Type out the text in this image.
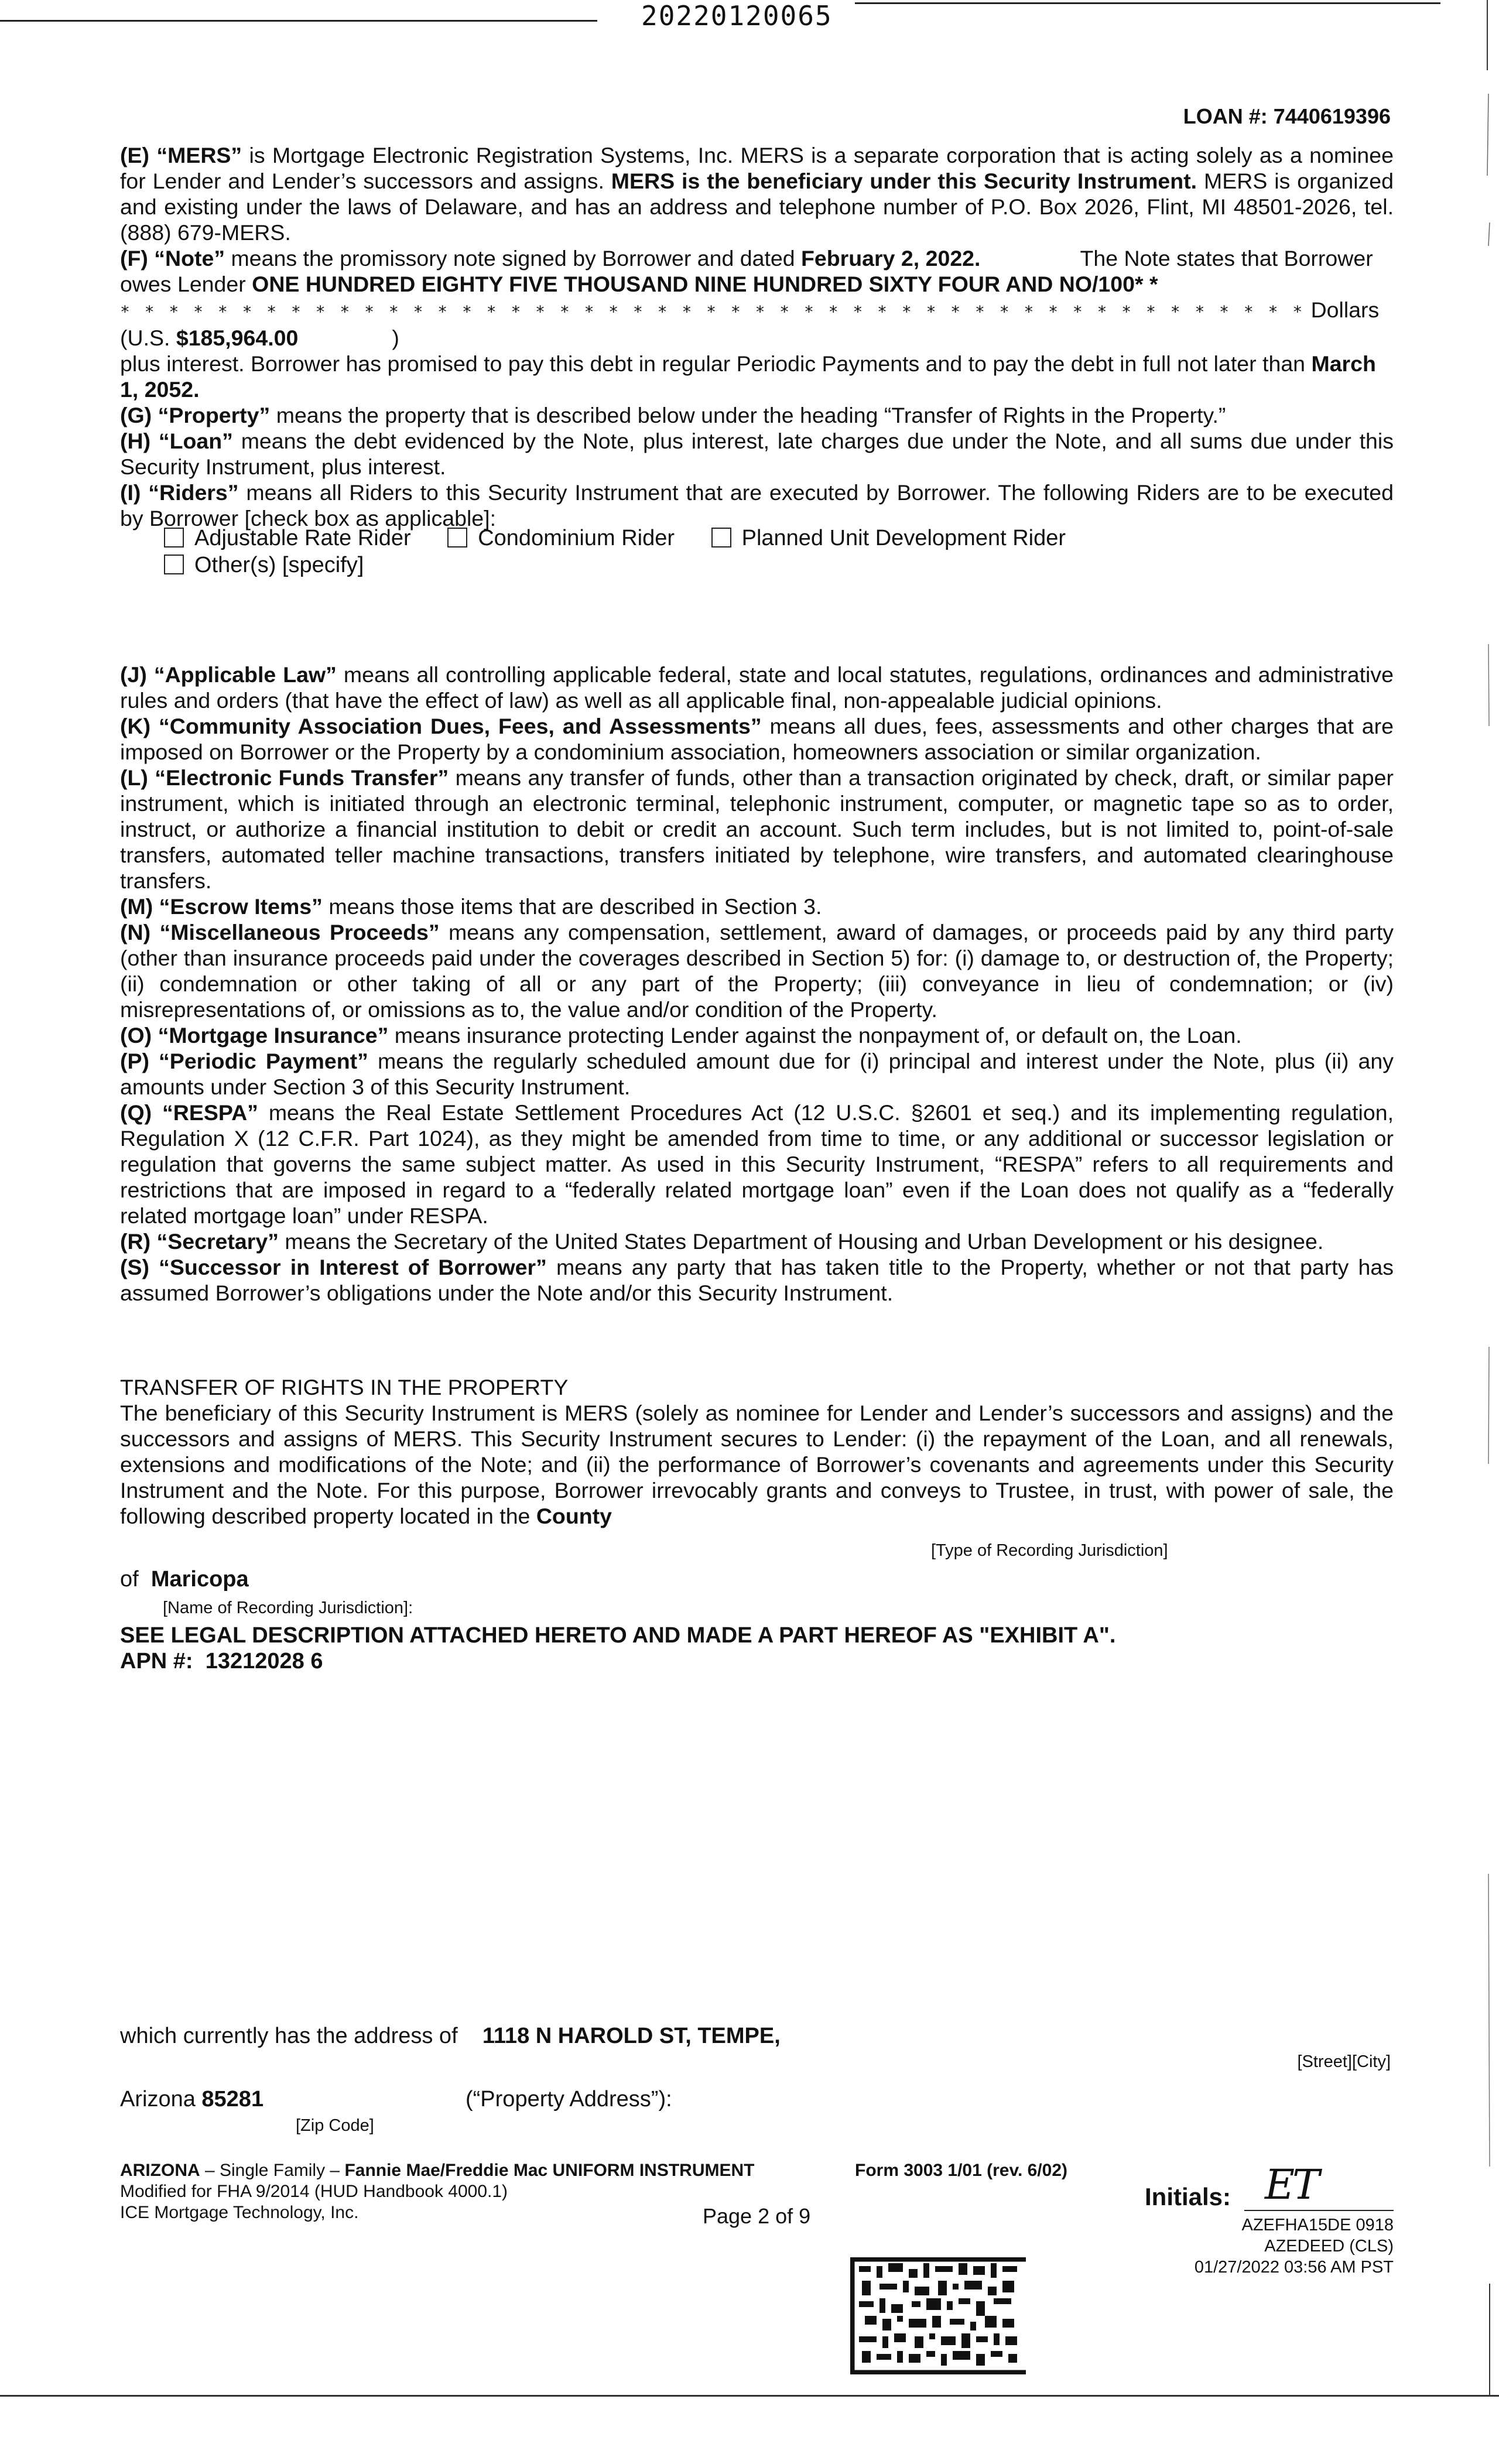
20220120065
LOAN #: 7440619396

(E) “MERS” is Mortgage Electronic Registration Systems, Inc. MERS is a separate corporation that is acting solely as a nominee for Lender and Lender’s successors and assigns. MERS is the beneficiary under this Security Instrument. MERS is organized and existing under the laws of Delaware, and has an address and telephone number of P.O. Box 2026, Flint, MI 48501-2026, tel. (888) 679-MERS.

(F) “Note” means the promissory note signed by Borrower and dated February 2, 2022.	The Note states that Borrower owes Lender ONE HUNDRED EIGHTY FIVE THOUSAND NINE HUNDRED SIXTY FOUR AND NO/100* *
* * * * * * * * * * * * * * * * * * * * * * * * * * * * * * * * * * * * * * * * * * * * * * * * * Dollars (U.S. $185,964.00	)
plus interest. Borrower has promised to pay this debt in regular Periodic Payments and to pay the debt in full not later than March 1, 2052.

(G) “Property” means the property that is described below under the heading “Transfer of Rights in the Property.”

(H) “Loan” means the debt evidenced by the Note, plus interest, late charges due under the Note, and all sums due under this Security Instrument, plus interest.

(I) “Riders” means all Riders to this Security Instrument that are executed by Borrower. The following Riders are to be executed by Borrower [check box as applicable]:

Adjustable Rate Rider	Condominium Rider	Planned Unit Development Rider
Other(s) [specify]

(J) “Applicable Law” means all controlling applicable federal, state and local statutes, regulations, ordinances and administrative rules and orders (that have the effect of law) as well as all applicable final, non-appealable judicial opinions.

(K) “Community Association Dues, Fees, and Assessments” means all dues, fees, assessments and other charges that are imposed on Borrower or the Property by a condominium association, homeowners association or similar organization.

(L) “Electronic Funds Transfer” means any transfer of funds, other than a transaction originated by check, draft, or similar paper instrument, which is initiated through an electronic terminal, telephonic instrument, computer, or magnetic tape so as to order, instruct, or authorize a financial institution to debit or credit an account. Such term includes, but is not limited to, point-of-sale transfers, automated teller machine transactions, transfers initiated by telephone, wire transfers, and automated clearinghouse transfers.

(M) “Escrow Items” means those items that are described in Section 3.

(N) “Miscellaneous Proceeds” means any compensation, settlement, award of damages, or proceeds paid by any third party (other than insurance proceeds paid under the coverages described in Section 5) for: (i) damage to, or destruction of, the Property; (ii) condemnation or other taking of all or any part of the Property; (iii) conveyance in lieu of condemnation; or (iv) misrepresentations of, or omissions as to, the value and/or condition of the Property.

(O) “Mortgage Insurance” means insurance protecting Lender against the nonpayment of, or default on, the Loan.

(P) “Periodic Payment” means the regularly scheduled amount due for (i) principal and interest under the Note, plus (ii) any amounts under Section 3 of this Security Instrument.

(Q) “RESPA” means the Real Estate Settlement Procedures Act (12 U.S.C. §2601 et seq.) and its implementing regulation, Regulation X (12 C.F.R. Part 1024), as they might be amended from time to time, or any additional or successor legislation or regulation that governs the same subject matter. As used in this Security Instrument, “RESPA” refers to all requirements and restrictions that are imposed in regard to a “federally related mortgage loan” even if the Loan does not qualify as a “federally related mortgage loan” under RESPA.

(R) “Secretary” means the Secretary of the United States Department of Housing and Urban Development or his designee.

(S) “Successor in Interest of Borrower” means any party that has taken title to the Property, whether or not that party has assumed Borrower’s obligations under the Note and/or this Security Instrument.

TRANSFER OF RIGHTS IN THE PROPERTY

The beneficiary of this Security Instrument is MERS (solely as nominee for Lender and Lender’s successors and assigns) and the successors and assigns of MERS. This Security Instrument secures to Lender: (i) the repayment of the Loan, and all renewals, extensions and modifications of the Note; and (ii) the performance of Borrower’s covenants and agreements under this Security Instrument and the Note. For this purpose, Borrower irrevocably grants and conveys to Trustee, in trust, with power of sale, the following described property located in the County

[Type of Recording Jurisdiction]
of Maricopa
[Name of Recording Jurisdiction]:
SEE LEGAL DESCRIPTION ATTACHED HERETO AND MADE A PART HEREOF AS "EXHIBIT A".
APN #: 13212028 6
which currently has the address of 1118 N HAROLD ST, TEMPE,
[Street][City]
Arizona 85281	(“Property Address”):
[Zip Code]
ARIZONA – Single Family – Fannie Mae/Freddie Mac UNIFORM INSTRUMENT	Form 3003 1/01 (rev. 6/02)
Modified for FHA 9/2014 (HUD Handbook 4000.1)
ICE Mortgage Technology, Inc.	Page 2 of 9
Initials: ET
AZEFHA15DE 0918
AZEDEED (CLS)
01/27/2022 03:56 AM PST
